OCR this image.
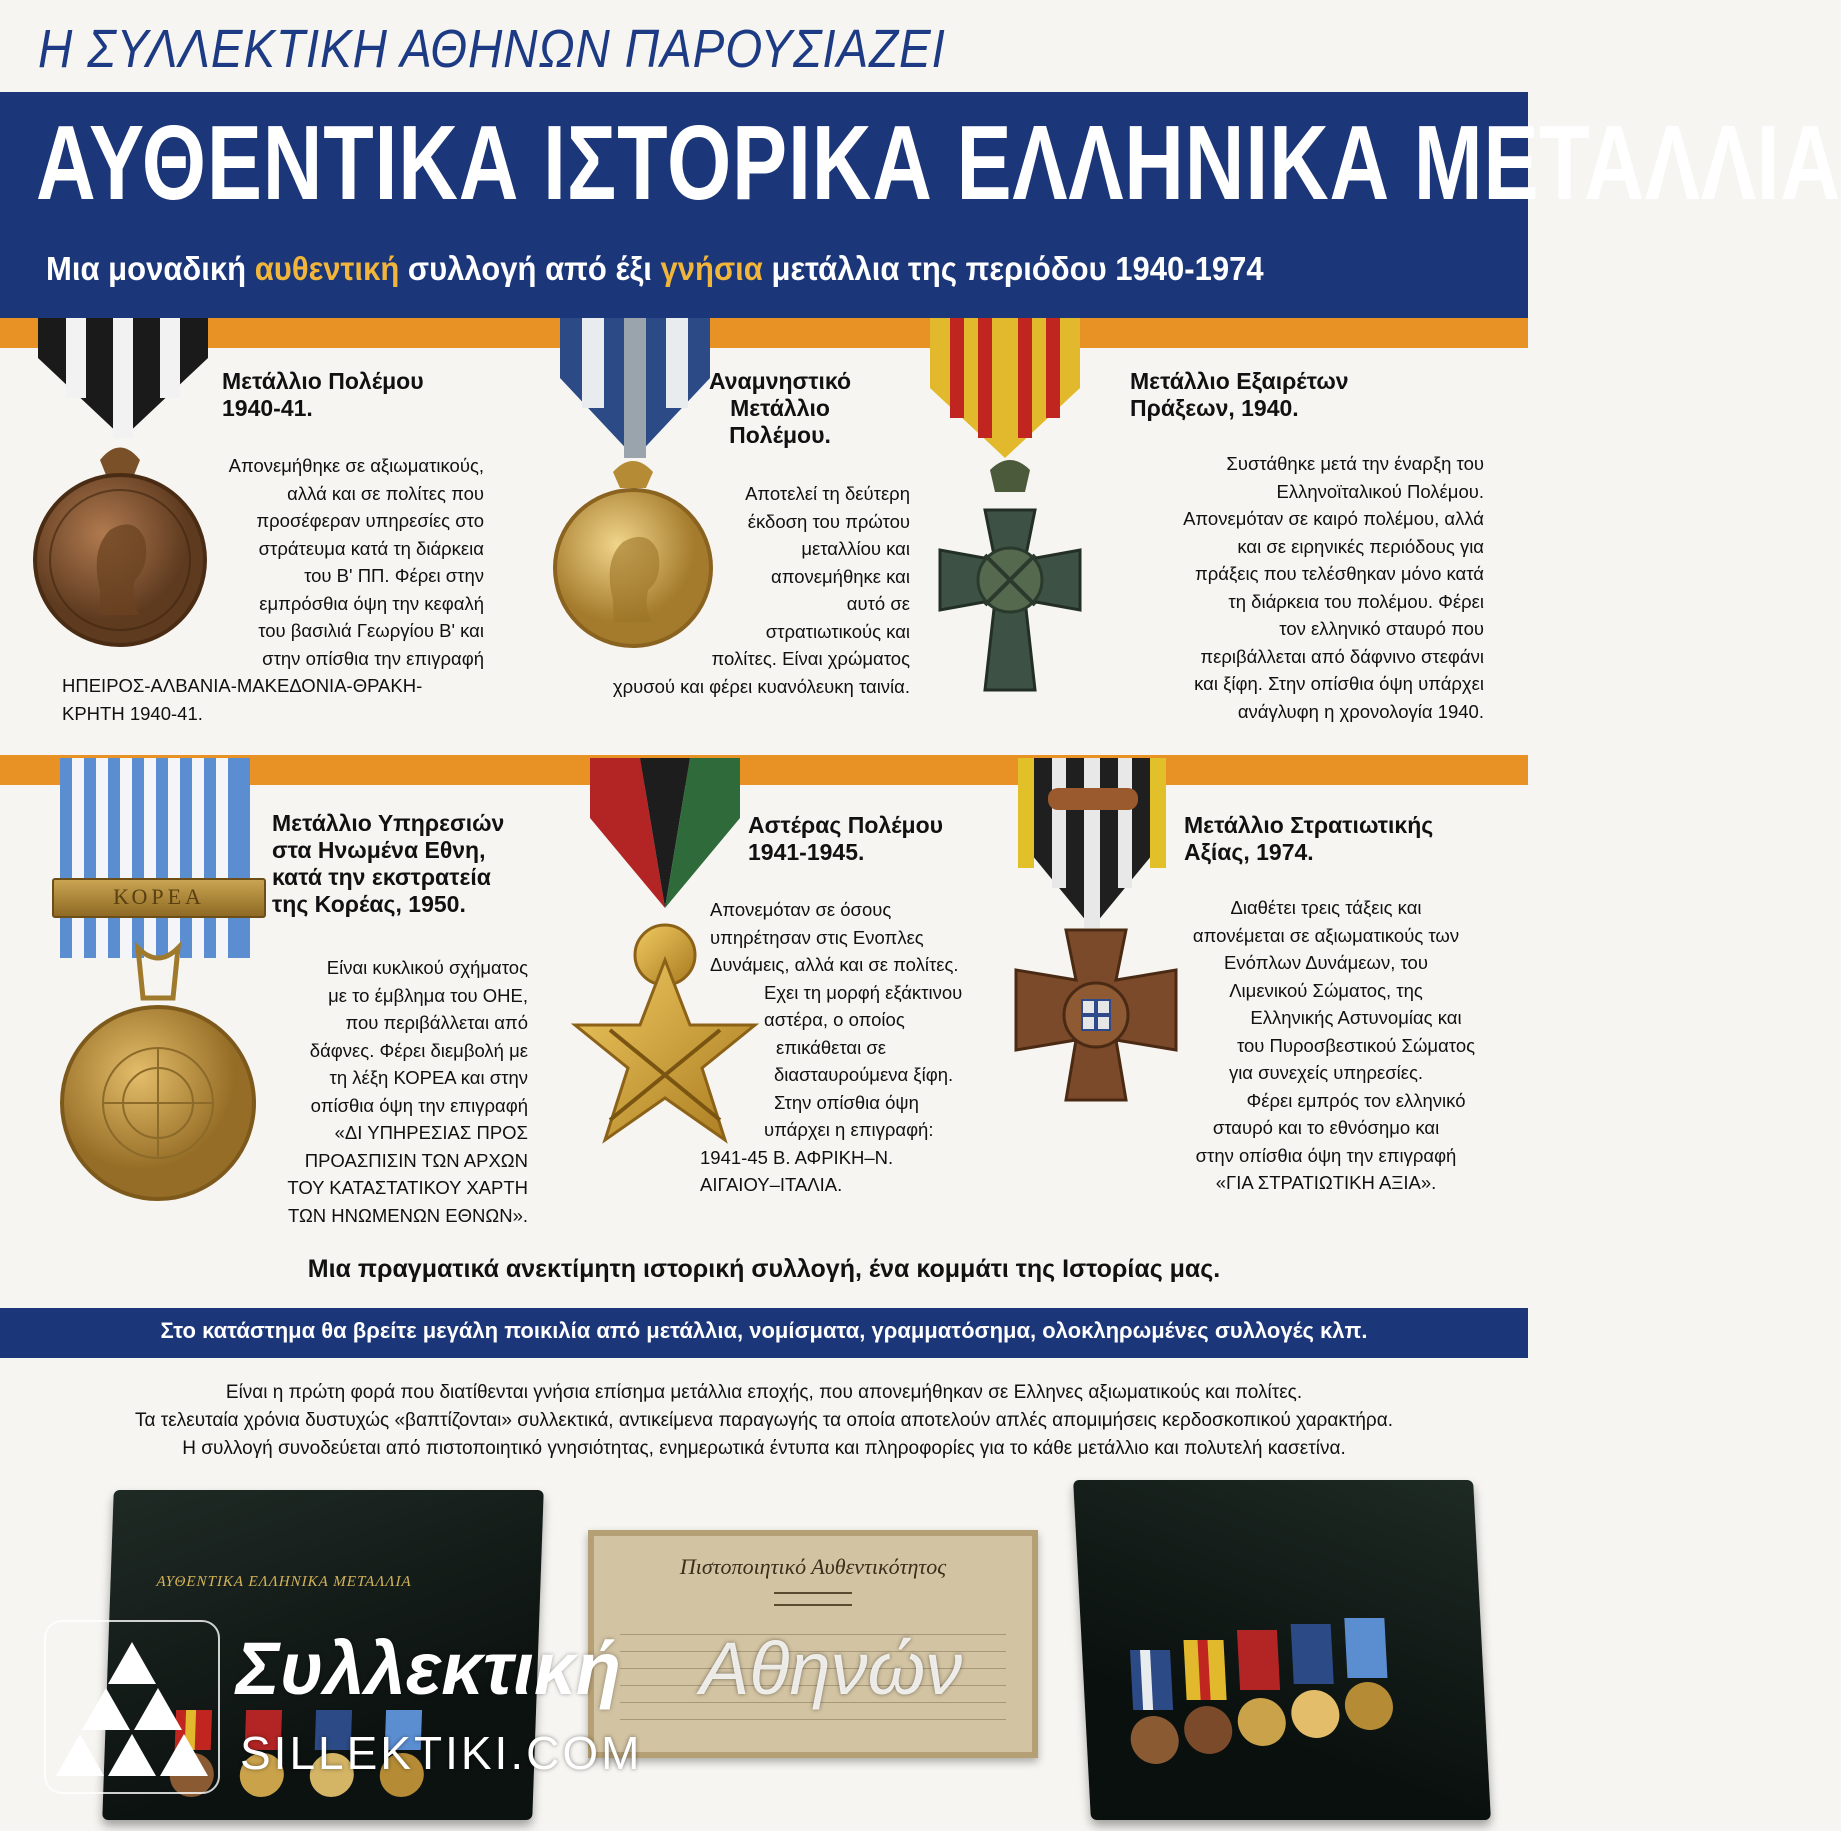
Η ΣΥΛΛΕΚΤΙΚΗ ΑΘΗΝΩΝ ΠΑΡΟΥΣΙΑΖΕΙ
ΑΥΘΕΝΤΙΚΑ ΙΣΤΟΡΙΚΑ ΕΛΛΗΝΙΚΑ ΜΕΤΑΛΛΙΑ
Μια μοναδική αυθεντική συλλογή από έξι γνήσια μετάλλια της περιόδου 1940-1974
Μετάλλιο Πολέμου
1940-41.
Απονεμήθηκε σε αξιωματικούς,
αλλά και σε πολίτες που
προσέφεραν υπηρεσίες στο
στράτευμα κατά τη διάρκεια
του Β' ΠΠ. Φέρει στην
εμπρόσθια όψη την κεφαλή
του βασιλιά Γεωργίου Β' και
στην οπίσθια την επιγραφή
ΗΠΕΙΡΟΣ-ΑΛΒΑΝΙΑ-ΜΑΚΕΔΟΝΙΑ-ΘΡΑΚΗ-
ΚΡΗΤΗ 1940-41.
Αναμνηστικό
Μετάλλιο
Πολέμου.
Αποτελεί τη δεύτερη
έκδοση του πρώτου
μεταλλίου και
απονεμήθηκε και
αυτό σε
στρατιωτικούς και
πολίτες. Είναι χρώματος
χρυσού και φέρει κυανόλευκη ταινία.
Μετάλλιο Εξαιρέτων
Πράξεων, 1940.
Συστάθηκε μετά την έναρξη του
Ελληνοϊταλικού Πολέμου.
Απονεμόταν σε καιρό πολέμου, αλλά
και σε ειρηνικές περιόδους για
πράξεις που τελέσθηκαν μόνο κατά
τη διάρκεια του πολέμου. Φέρει
τον ελληνικό σταυρό που
περιβάλλεται από δάφνινο στεφάνι
και ξίφη. Στην οπίσθια όψη υπάρχει
ανάγλυφη η χρονολογία 1940.
ΚΟΡΕΑ
Μετάλλιο Υπηρεσιών
στα Ηνωμένα Εθνη,
κατά την εκστρατεία
της Κορέας, 1950.
Είναι κυκλικού σχήματος
με το έμβλημα του ΟΗΕ,
που περιβάλλεται από
δάφνες. Φέρει διεμβολή με
τη λέξη ΚΟΡΕΑ και στην
οπίσθια όψη την επιγραφή
«ΔΙ ΥΠΗΡΕΣΙΑΣ ΠΡΟΣ
ΠΡΟΑΣΠΙΣΙΝ ΤΩΝ ΑΡΧΩΝ
ΤΟΥ ΚΑΤΑΣΤΑΤΙΚΟΥ ΧΑΡΤΗ
ΤΩΝ ΗΝΩΜΕΝΩΝ ΕΘΝΩΝ».
Αστέρας Πολέμου
1941-1945.
Απονεμόταν σε όσους
υπηρέτησαν στις Ενοπλες
Δυνάμεις, αλλά και σε πολίτες.
Εχει τη μορφή εξάκτινου
αστέρα, ο οποίος
επικάθεται σε
διασταυρούμενα ξίφη.
Στην οπίσθια όψη
υπάρχει η επιγραφή:
1941-45 Β. ΑΦΡΙΚΗ–Ν.
ΑΙΓΑΙΟΥ–ΙΤΑΛΙΑ.
Μετάλλιο Στρατιωτικής
Αξίας, 1974.
Διαθέτει τρεις τάξεις και
απονέμεται σε αξιωματικούς των
Ενόπλων Δυνάμεων, του
Λιμενικού Σώματος, της
Ελληνικής Αστυνομίας και
του Πυροσβεστικού Σώματος
για συνεχείς υπηρεσίες.
Φέρει εμπρός τον ελληνικό
σταυρό και το εθνόσημο και
στην οπίσθια όψη την επιγραφή
«ΓΙΑ ΣΤΡΑΤΙΩΤΙΚΗ ΑΞΙΑ».
Μια πραγματικά ανεκτίμητη ιστορική συλλογή, ένα κομμάτι της Ιστορίας μας.
Στο κατάστημα θα βρείτε μεγάλη ποικιλία από μετάλλια, νομίσματα, γραμματόσημα, ολοκληρωμένες συλλογές κλπ.
Είναι η πρώτη φορά που διατίθενται γνήσια επίσημα μετάλλια εποχής, που απονεμήθηκαν σε Ελληνες αξιωματικούς και πολίτες.
Τα τελευταία χρόνια δυστυχώς «βαπτίζονται» συλλεκτικά, αντικείμενα παραγωγής τα οποία αποτελούν απλές απομιμήσεις κερδοσκοπικού χαρακτήρα.
Η συλλογή συνοδεύεται από πιστοποιητικό γνησιότητας, ενημερωτικά έντυπα και πληροφορίες για το κάθε μετάλλιο και πολυτελή κασετίνα.
ΑΥΘΕΝΤΙΚΑ ΕΛΛΗΝΙΚΑ ΜΕΤΑΛΛΙΑ
Πιστοποιητικό Αυθεντικότητος
Συλλεκτική Αθηνών
SILLEKTIKI.COM
